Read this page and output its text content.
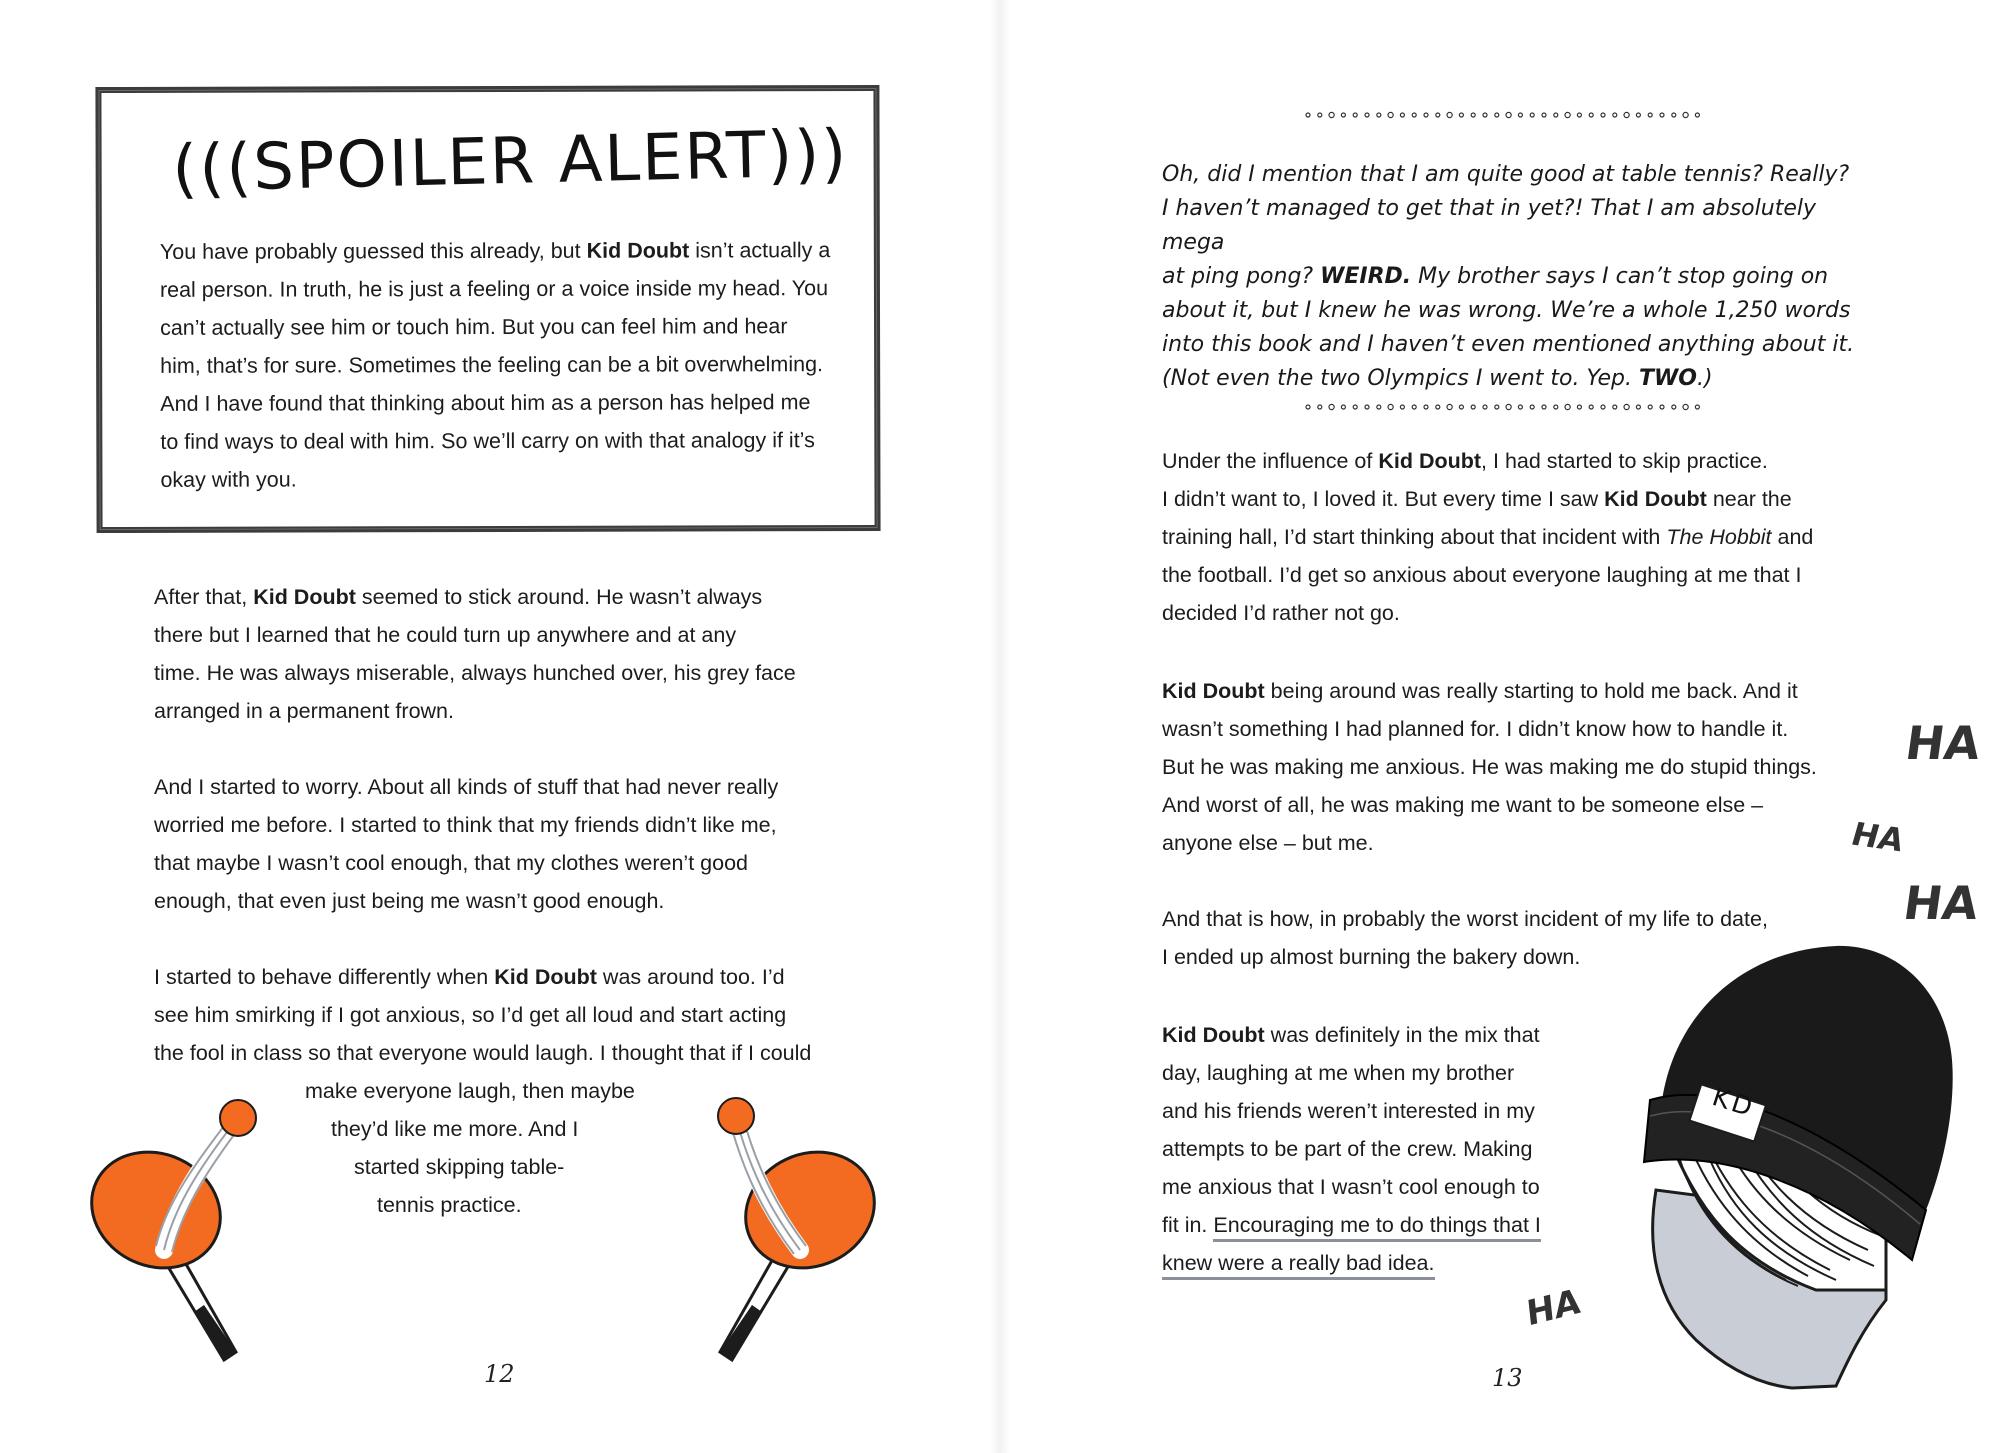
(((SPOILER ALERT)))

You have probably guessed this already, but Kid Doubt isn’t actually a

real person. In truth, he is just a feeling or a voice inside my head. You

can’t actually see him or touch him. But you can feel him and hear

him, that’s for sure. Sometimes the feeling can be a bit overwhelming.

And I have found that thinking about him as a person has helped me

to find ways to deal with him. So we’ll carry on with that analogy if it’s

okay with you.

After that, Kid Doubt seemed to stick around. He wasn’t always

there but I learned that he could turn up anywhere and at any

time. He was always miserable, always hunched over, his grey face

arranged in a permanent frown.

And I started to worry. About all kinds of stuff that had never really

worried me before. I started to think that my friends didn’t like me,

that maybe I wasn’t cool enough, that my clothes weren’t good

enough, that even just being me wasn’t good enough.

I started to behave differently when Kid Doubt was around too. I’d

see him smirking if I got anxious, so I’d get all loud and start acting

the fool in class so that everyone would laugh. I thought that if I could

make everyone laugh, then maybe
they’d like me more. And I
started skipping table-
tennis practice.
12

Oh, did I mention that I am quite good at table tennis? Really?

I haven’t managed to get that in yet?! That I am absolutely mega

at ping pong? WEIRD. My brother says I can’t stop going on

about it, but I knew he was wrong. We’re a whole 1,250 words

into this book and I haven’t even mentioned anything about it.

(Not even the two Olympics I went to. Yep. TWO.)

Under the influence of Kid Doubt, I had started to skip practice.

I didn’t want to, I loved it. But every time I saw Kid Doubt near the

training hall, I’d start thinking about that incident with The Hobbit and

the football. I’d get so anxious about everyone laughing at me that I

decided I’d rather not go.

Kid Doubt being around was really starting to hold me back. And it

wasn’t something I had planned for. I didn’t know how to handle it.

But he was making me anxious. He was making me do stupid things.

And worst of all, he was making me want to be someone else –

anyone else – but me.

And that is how, in probably the worst incident of my life to date,

I ended up almost burning the bakery down.

Kid Doubt was definitely in the mix that

day, laughing at me when my brother

and his friends weren’t interested in my

attempts to be part of the crew. Making

me anxious that I wasn’t cool enough to

fit in. Encouraging me to do things that I

knew were a really bad idea.

HA
HA
HA
HA
KD
13
